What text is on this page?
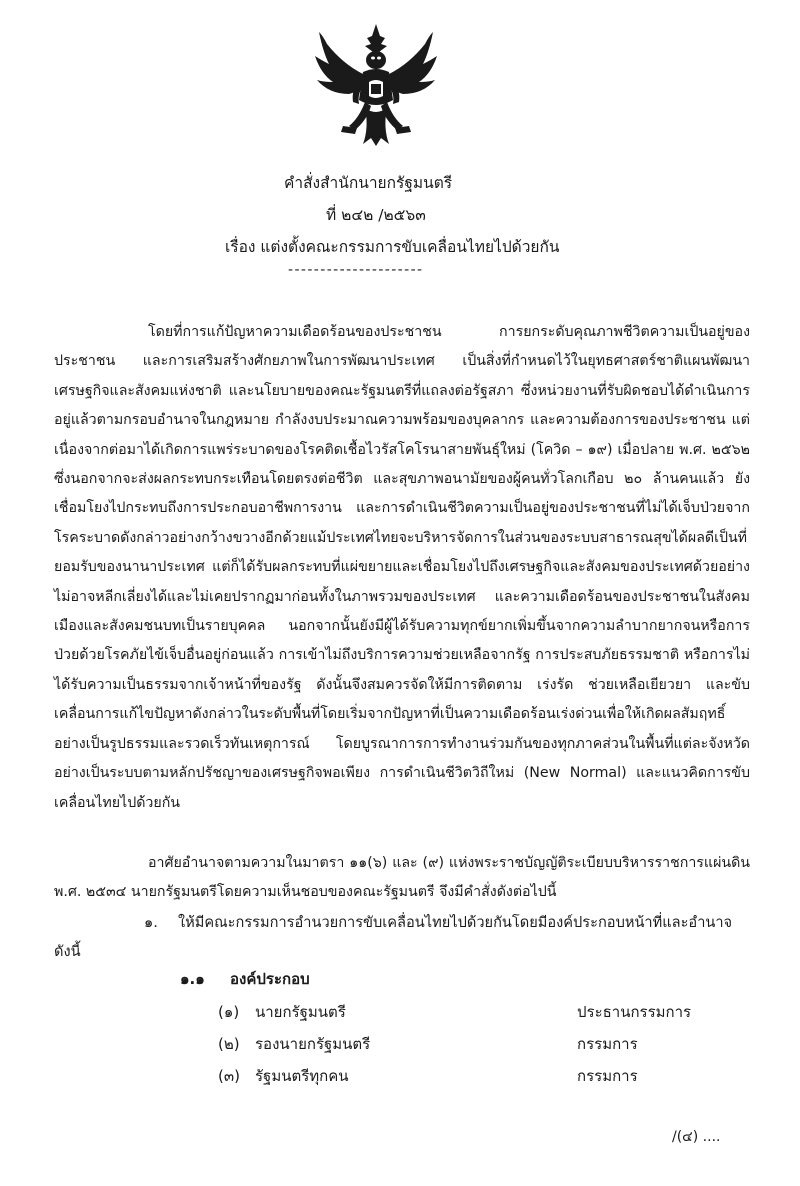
คำสั่งสำนักนายกรัฐมนตรี
ที่ ๒๔๒ /๒๕๖๓
เรื่อง แต่งตั้งคณะกรรมการขับเคลื่อนไทยไปด้วยกัน
---------------------

โดยที่การแก้ปัญหาความเดือดร้อนของประชาชน การยกระดับคุณภาพชีวิตความเป็นอยู่ของประชาชน และการเสริมสร้างศักยภาพในการพัฒนาประเทศ เป็นสิ่งที่กำหนดไว้ในยุทธศาสตร์ชาติแผนพัฒนาเศรษฐกิจและสังคมแห่งชาติ และนโยบายของคณะรัฐมนตรีที่แถลงต่อรัฐสภา ซึ่งหน่วยงานที่รับผิดชอบได้ดำเนินการอยู่แล้วตามกรอบอำนาจในกฎหมาย กำลังงบประมาณความพร้อมของบุคลากร และความต้องการของประชาชน แต่เนื่องจากต่อมาได้เกิดการแพร่ระบาดของโรคติดเชื้อไวรัสโคโรนาสายพันธุ์ใหม่ (โควิด – ๑๙) เมื่อปลาย พ.ศ. ๒๕๖๒ ซึ่งนอกจากจะส่งผลกระทบกระเทือนโดยตรงต่อชีวิต และสุขภาพอนามัยของผู้คนทั่วโลกเกือบ ๒๐ ล้านคนแล้ว ยังเชื่อมโยงไปกระทบถึงการประกอบอาชีพการงาน และการดำเนินชีวิตความเป็นอยู่ของประชาชนที่ไม่ได้เจ็บป่วยจากโรคระบาดดังกล่าวอย่างกว้างขวางอีกด้วยแม้ประเทศไทยจะบริหารจัดการในส่วนของระบบสาธารณสุขได้ผลดีเป็นที่ยอมรับของนานาประเทศ แต่ก็ได้รับผลกระทบที่แผ่ขยายและเชื่อมโยงไปถึงเศรษฐกิจและสังคมของประเทศด้วยอย่างไม่อาจหลีกเลี่ยงได้และไม่เคยปรากฏมาก่อนทั้งในภาพรวมของประเทศ และความเดือดร้อนของประชาชนในสังคมเมืองและสังคมชนบทเป็นรายบุคคล นอกจากนั้นยังมีผู้ได้รับความทุกข์ยากเพิ่มขึ้นจากความลำบากยากจนหรือการป่วยด้วยโรคภัยไข้เจ็บอื่นอยู่ก่อนแล้ว การเข้าไม่ถึงบริการความช่วยเหลือจากรัฐ การประสบภัยธรรมชาติ หรือการไม่ได้รับความเป็นธรรมจากเจ้าหน้าที่ของรัฐ ดังนั้นจึงสมควรจัดให้มีการติดตาม เร่งรัด ช่วยเหลือเยียวยา และขับเคลื่อนการแก้ไขปัญหาดังกล่าวในระดับพื้นที่โดยเริ่มจากปัญหาที่เป็นความเดือดร้อนเร่งด่วนเพื่อให้เกิดผลสัมฤทธิ์อย่างเป็นรูปธรรมและรวดเร็วทันเหตุการณ์ โดยบูรณาการการทำงานร่วมกันของทุกภาคส่วนในพื้นที่แต่ละจังหวัดอย่างเป็นระบบตามหลักปรัชญาของเศรษฐกิจพอเพียง การดำเนินชีวิตวิถีใหม่ (New Normal) และแนวคิดการขับเคลื่อนไทยไปด้วยกัน

อาศัยอำนาจตามความในมาตรา ๑๑(๖) และ (๙) แห่งพระราชบัญญัติระเบียบบริหารราชการแผ่นดิน พ.ศ. ๒๕๓๔ นายกรัฐมนตรีโดยความเห็นชอบของคณะรัฐมนตรี จึงมีคำสั่งดังต่อไปนี้

๑. ให้มีคณะกรรมการอำนวยการขับเคลื่อนไทยไปด้วยกันโดยมีองค์ประกอบหน้าที่และอำนาจ ดังนี้
๑.๑ องค์ประกอบ
(๑) นายกรัฐมนตรี	ประธานกรรมการ
(๒) รองนายกรัฐมนตรี	กรรมการ
(๓) รัฐมนตรีทุกคน	กรรมการ
/(๔) ....
